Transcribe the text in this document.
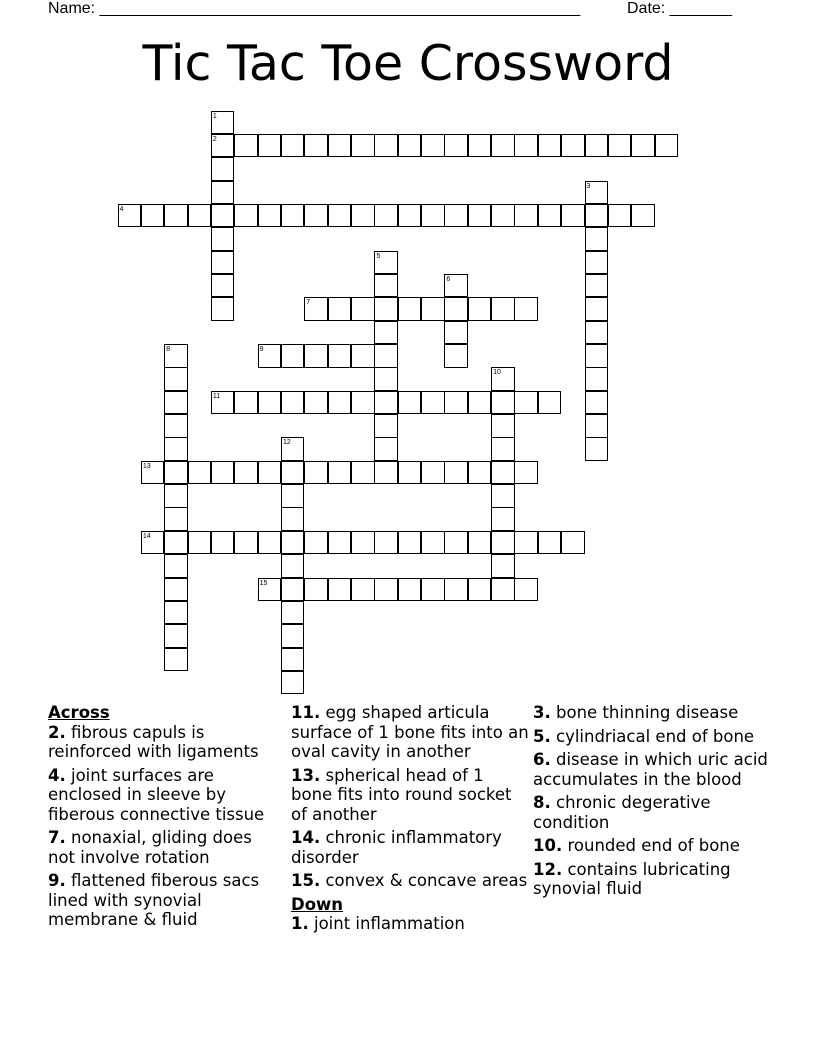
Name: ______________________________________________________	Date: _______
Tic Tac Toe Crossword
1
2
3
4
5
6
7
8	9
10
11
12
13
14
15
Across
2. fibrous capuls is reinforced with ligaments
4. joint surfaces are enclosed in sleeve by fiberous connective tissue
7. nonaxial, gliding does not involve rotation
9. flattened fiberous sacs lined with synovial membrane & fluid
11. egg shaped articula surface of 1 bone fits into an oval cavity in another
13. spherical head of 1 bone fits into round socket of another
14. chronic inflammatory disorder
15. convex & concave areas
Down
1. joint inflammation
3. bone thinning disease
5. cylindriacal end of bone
6. disease in which uric acid accumulates in the blood
8. chronic degerative condition
10. rounded end of bone
12. contains lubricating synovial fluid
